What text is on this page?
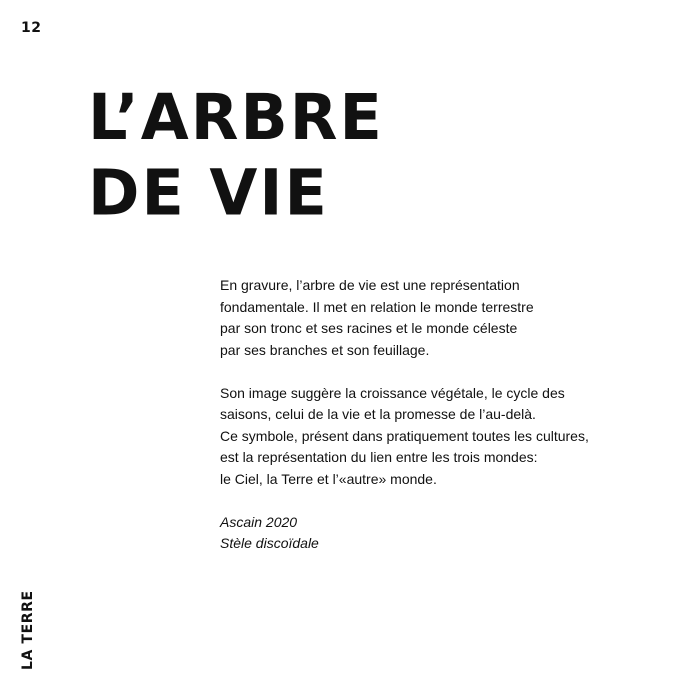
12
L’ARBRE
DE VIE

En gravure, l’arbre de vie est une représentation
fondamentale. Il met en relation le monde terrestre
par son tronc et ses racines et le monde céleste
par ses branches et son feuillage.

Son image suggère la croissance végétale, le cycle des
saisons, celui de la vie et la promesse de l’au-delà.
Ce symbole, présent dans pratiquement toutes les cultures,
est la représentation du lien entre les trois mondes:
le Ciel, la Terre et l’«autre» monde.

Ascain 2020
Stèle discoïdale

LA TERRE
